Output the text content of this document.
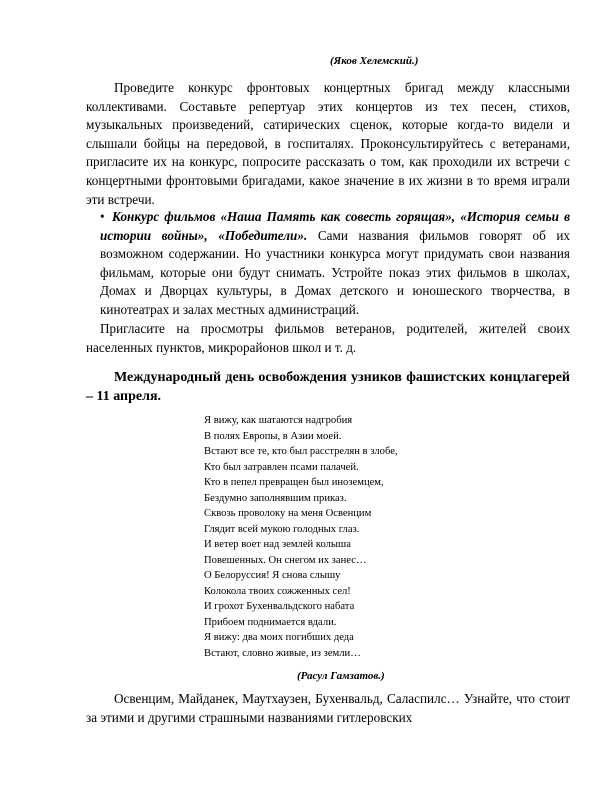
(Яков Хелемский.)
Проведите конкурс фронтовых концертных бригад между классными коллективами. Составьте репертуар этих концертов из тех песен, стихов, музыкальных произведений, сатирических сценок, которые когда-то видели и слышали бойцы на передовой, в госпиталях. Проконсультируйтесь с ветеранами, пригласите их на конкурс, попросите рассказать о том, как проходили их встречи с концертными фронтовыми бригадами, какое значение в их жизни в то время играли эти встречи.
• Конкурс фильмов «Наша Память как совесть горящая», «История семьи в истории войны», «Победители». Сами названия фильмов говорят об их возможном содержании. Но участники конкурса могут придумать свои названия фильмам, которые они будут снимать. Устройте показ этих фильмов в школах, Домах и Дворцах культуры, в Домах детского и юношеского творчества, в кинотеатрах и залах местных администраций.
Пригласите на просмотры фильмов ветеранов, родителей, жителей своих населенных пунктов, микрорайонов школ и т. д.
Международный день освобождения узников фашистских концлагерей – 11 апреля.
Я вижу, как шатаются надгробия
В полях Европы, в Азии моей.
Встают все те, кто был расстрелян в злобе,
Кто был затравлен псами палачей.
Кто в пепел превращен был иноземцем,
Бездумно заполнявшим приказ.
Сквозь проволоку на меня Освенцим
Глядит всей мукою голодных глаз.
И ветер воет над землей колыша
Повешенных. Он снегом их занес…
О Белоруссия! Я снова слышу
Колокола твоих сожженных сел!
И грохот Бухенвальдского набата
Прибоем поднимается вдали.
Я вижу: два моих погибших деда
Встают, словно живые, из земли…
(Расул Гамзатов.)
Освенцим, Майданек, Маутхаузен, Бухенвальд, Саласпилс… Узнайте, что стоит за этими и другими страшными названиями гитлеровских
